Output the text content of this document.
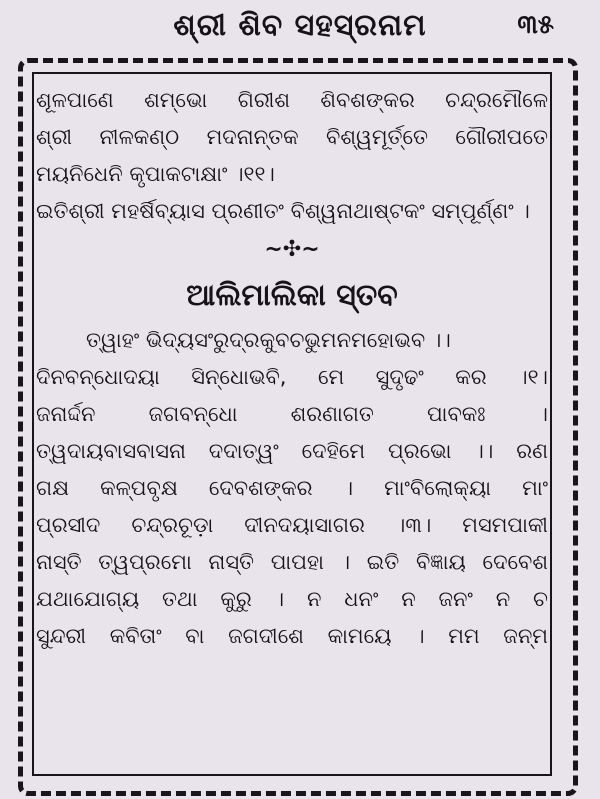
ଶ୍ରୀ ଶିବ ସହସ୍ରନାମ	୩୫
ଶୂଳପାଣେ ଶମ୍ଭୋ ଗିରୀଶ ଶିବଶଙ୍କର ଚନ୍ଦ୍ରମୌଳେ
ଶ୍ରୀ ନୀଳକଣ୍ଠ ମଦନାନ୍ତକ ବିଶ୍ୱମୂର୍ତ୍ତେ ଗୌରୀପତେ
ମୟନିଧେନି କୃପାକଟାକ୍ଷାଂ ।୧୧।
ଇତିଶ୍ରୀ ମହର୍ଷିବ୍ୟାସ ପ୍ରଣୀତଂ ବିଶ୍ୱନାଥାଷ୍ଟକଂ ସମ୍ପୂର୍ଣ୍ଣଂ ।
~✣~
ଆଲିମାଲିକା ସ୍ତବ
ତ୍ୱାହଂ ଭିଦ୍ୟସଂରୁଦ୍ରକୁବଚଭୁମନମହୋଭବ ।।
ଦିନବନ୍ଧୋଦୟା ସିନ୍ଧୋଭବି, ମେ ସୁଦୃଢଂ କର ।୧।
ଜନାର୍ଦ୍ଦନ ଜଗବନ୍ଧୋ ଶରଣାଗତ ପାବକଃ ।
ତ୍ୱଦାୟବାସବାସନା ଦଦାତ୍ୱଂ ଦେହିମେ ପ୍ରଭୋ ।। ରଣ
ଗକ୍ଷ କଳ୍ପବୃକ୍ଷ ଦେବଶଙ୍କର । ମାଂବିଲୋକ୍ୟା ମାଂ
ପ୍ରସୀଦ ଚନ୍ଦ୍ରଚୂଡ଼ା ଦୀନଦୟାସାଗର ।୩। ମସମପାକୀ
ନାସ୍ତି ତ୍ୱପ୍ରମୋ ନାସ୍ତି ପାପହା । ଇତି ବିଜ୍ଞାୟ ଦେବେଶ
ଯଥାଯୋଗ୍ୟ ତଥା କୁରୁ । ନ ଧନଂ ନ ଜନଂ ନ ଚ
ସୁନ୍ଦରୀ କବିତାଂ ବା ଜଗଦୀଶେ କାମୟେ । ମମ ଜନ୍ମ
